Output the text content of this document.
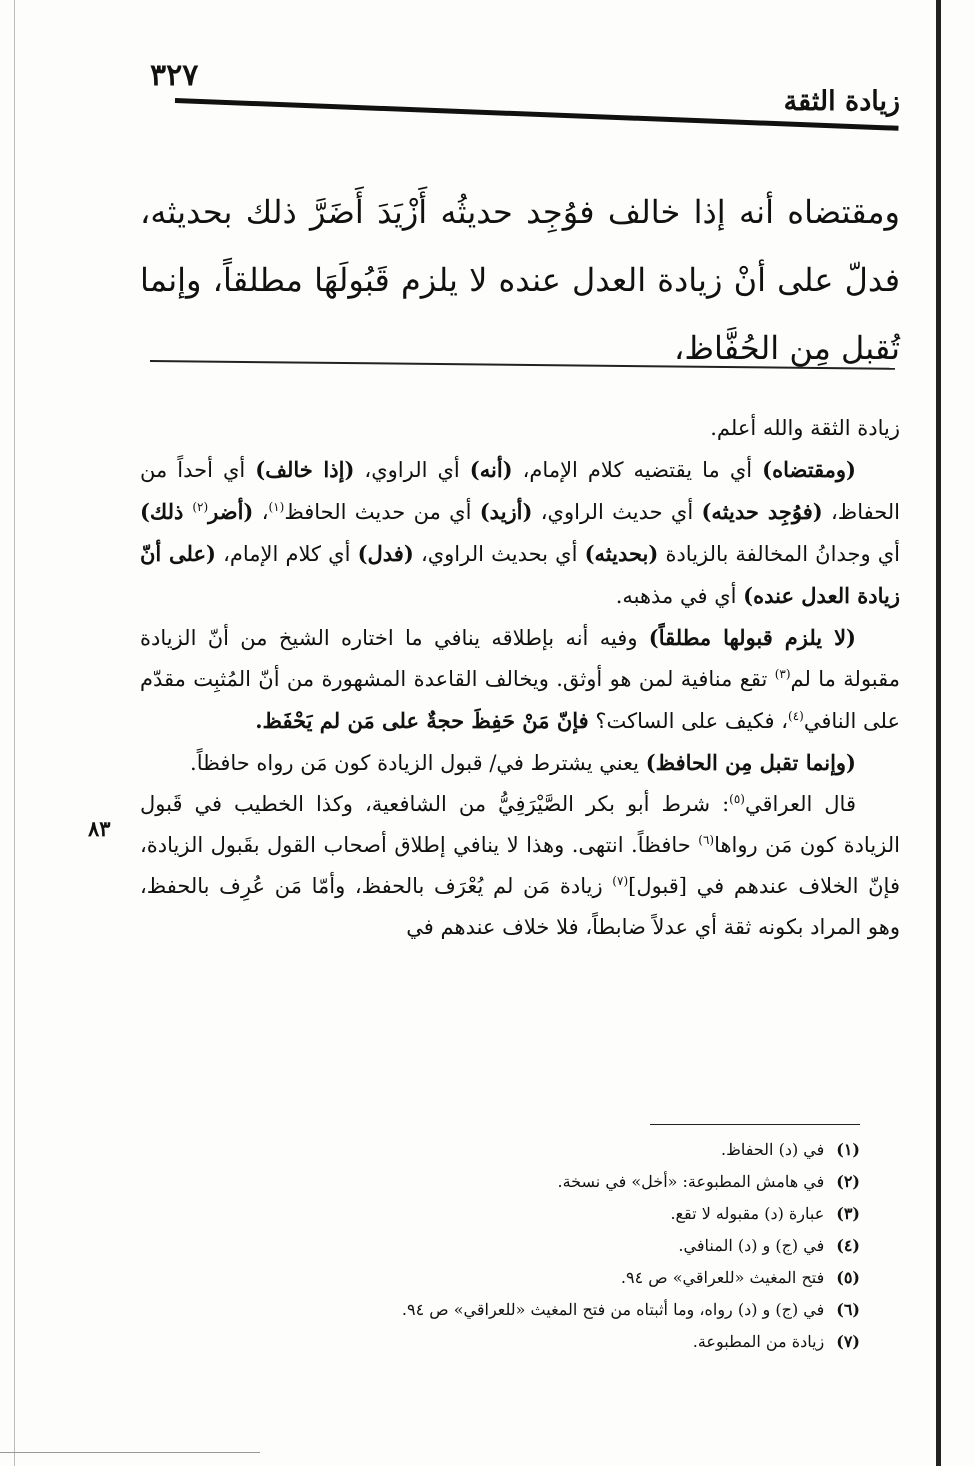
٣٢٧
زيادة الثقة
ومقتضاه أنه إذا خالف فوُجِد حديثُه أَزْيَدَ أَضَرَّ ذلك بحديثه، فدلّ على أنْ زيادة العدل عنده لا يلزم قَبُولَهَا مطلقاً، وإنما تُقبل مِن الحُفَّاظ،

زيادة الثقة والله أعلم.

(ومقتضاه) أي ما يقتضيه كلام الإمام، (أنه) أي الراوي، (إذا خالف) أي أحداً من الحفاظ، (فوُجِد حديثه) أي حديث الراوي، (أزيد) أي من حديث الحافظ$^{(١)}$، (أضر$^{(٢)}$ ذلك) أي وجدانُ المخالفة بالزيادة (بحديثه) أي بحديث الراوي، (فدل) أي كلام الإمام، (على أنّ زيادة العدل عنده) أي في مذهبه.

(لا يلزم قبولها مطلقاً) وفيه أنه بإطلاقه ينافي ما اختاره الشيخ من أنّ الزيادة مقبولة ما لم$^{(٣)}$ تقع منافية لمن هو أوثق. ويخالف القاعدة المشهورة من أنّ المُثبِت مقدّم على النافي$^{(٤)}$، فكيف على الساكت؟ فإنّ مَنْ حَفِظَ حجةٌ على مَن لم يَحْفَظ.

(وإنما تقبل مِن الحافظ) يعني يشترط في/ قبول الزيادة كون مَن رواه حافظاً.

قال العراقي$^{(٥)}$: شرط أبو بكر الصَّيْرَفِيُّ من الشافعية، وكذا الخطيب في قَبول الزيادة كون مَن رواها$^{(٦)}$ حافظاً. انتهى. وهذا لا ينافي إطلاق أصحاب القول بقَبول الزيادة، فإنّ الخلاف عندهم في [قبول]$^{(٧)}$ زيادة مَن لم يُعْرَف بالحفظ، وأمّا مَن عُرِف بالحفظ، وهو المراد بكونه ثقة أي عدلاً ضابطاً، فلا خلاف عندهم في

٨٣
(١)في (د) الحفاظ.
(٢)في هامش المطبوعة: «أخل» في نسخة.
(٣)عبارة (د) مقبوله لا تقع.
(٤)في (ج) و (د) المنافي.
(٥)فتح المغيث «للعراقي» ص ٩٤.
(٦)في (ج) و (د) رواه، وما أثبتاه من فتح المغيث «للعراقي» ص ٩٤.
(٧)زيادة من المطبوعة.
